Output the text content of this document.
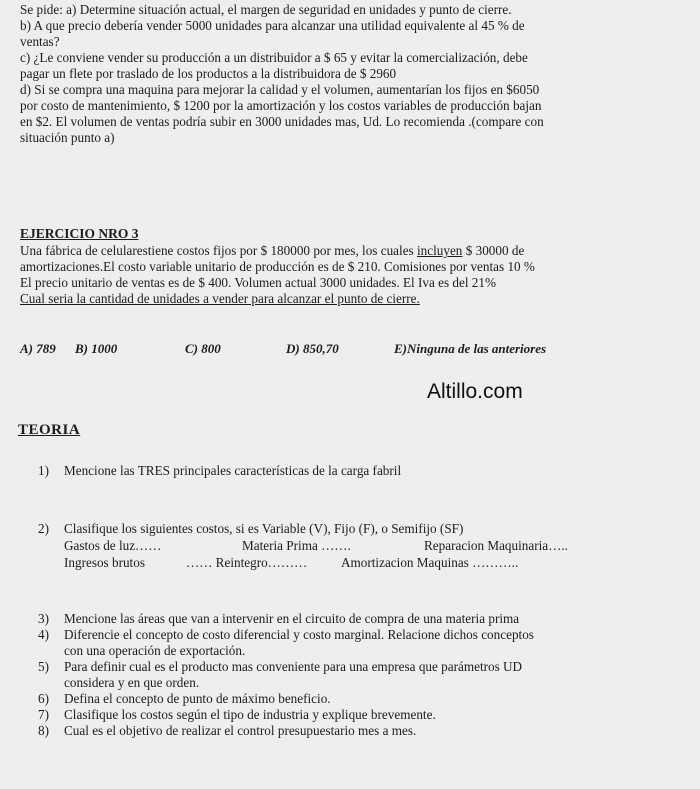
Se pide: a) Determine situación actual, el margen de seguridad en unidades y punto de cierre.
b) A que precio debería vender 5000 unidades para alcanzar una utilidad equivalente al 45 % de
ventas?
c) ¿Le conviene vender su producción a un distribuidor a $ 65 y evitar la comercialización, debe
pagar un flete por traslado de los productos a la distribuidora de $ 2960
d) Si se compra una maquina para mejorar la calidad y el volumen, aumentarían los fijos en $6050
por costo de mantenimiento, $ 1200 por la amortización y los costos variables de producción bajan
en $2. El volumen de ventas podría subir en 3000 unidades mas, Ud. Lo recomienda .(compare con
situación punto a)
EJERCICIO NRO 3
Una fábrica de celularestiene costos fijos por $ 180000 por mes, los cuales incluyen $ 30000 de
amortizaciones.El costo variable unitario de producción es de $ 210. Comisiones por ventas 10 %
El precio unitario de ventas es de $ 400. Volumen actual 3000 unidades. El Iva es del 21%
Cual seria la cantidad de unidades a vender para alcanzar el punto de cierre.
A) 789 B) 1000	C) 800	D) 850,70	E)Ninguna de las anteriores
Altillo.com
TEORIA
1) Mencione las TRES principales características de la carga fabril
2) Clasifique los siguientes costos, si es Variable (V), Fijo (F), o Semifijo (SF)
Gastos de luz……	Materia Prima …….	Reparacion Maquinaria…..
Ingresos brutos	…… Reintegro………	Amortizacion Maquinas ………..
3) Mencione las áreas que van a intervenir en el circuito de compra de una materia prima
4) Diferencie el concepto de costo diferencial y costo marginal. Relacione dichos conceptos
con una operación de exportación.
5) Para definir cual es el producto mas conveniente para una empresa que parámetros UD
considera y en que orden.
6) Defina el concepto de punto de máximo beneficio.
7) Clasifique los costos según el tipo de industria y explique brevemente.
8) Cual es el objetivo de realizar el control presupuestario mes a mes.
